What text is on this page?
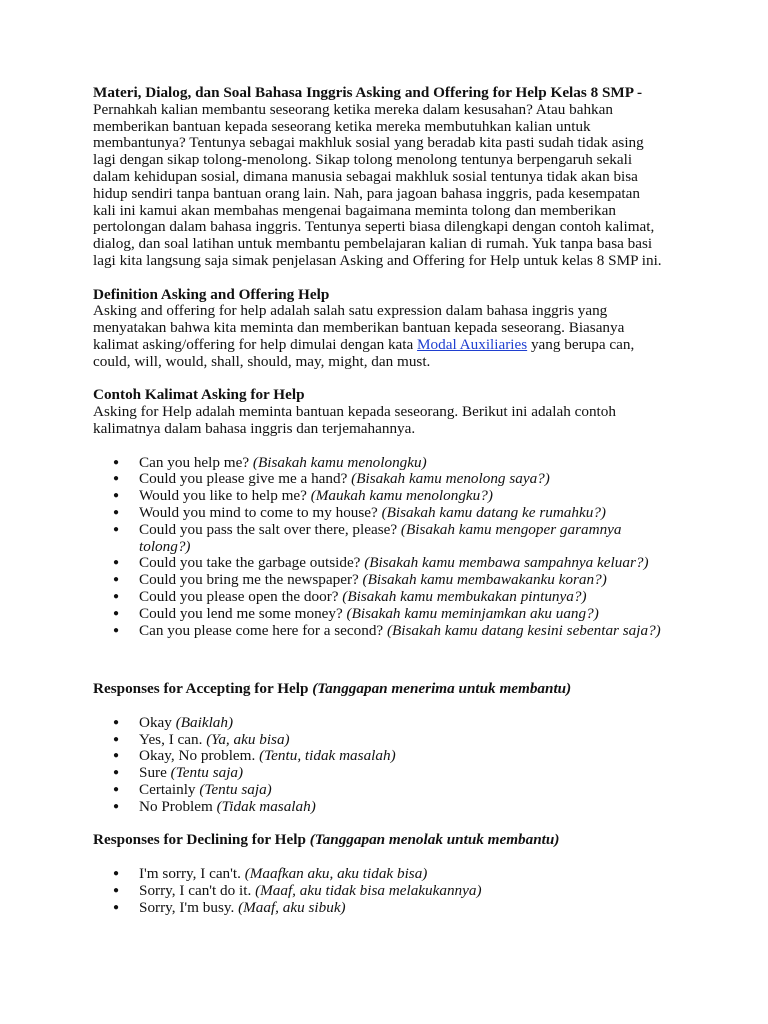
Materi, Dialog, dan Soal Bahasa Inggris Asking and Offering for Help Kelas 8 SMP -

Pernahkah kalian membantu seseorang ketika mereka dalam kesusahan? Atau bahkan

memberikan bantuan kepada seseorang ketika mereka membutuhkan kalian untuk

membantunya? Tentunya sebagai makhluk sosial yang beradab kita pasti sudah tidak asing

lagi dengan sikap tolong-menolong. Sikap tolong menolong tentunya berpengaruh sekali

dalam kehidupan sosial, dimana manusia sebagai makhluk sosial tentunya tidak akan bisa

hidup sendiri tanpa bantuan orang lain. Nah, para jagoan bahasa inggris, pada kesempatan

kali ini kamui akan membahas mengenai bagaimana meminta tolong dan memberikan

pertolongan dalam bahasa inggris. Tentunya seperti biasa dilengkapi dengan contoh kalimat,

dialog, dan soal latihan untuk membantu pembelajaran kalian di rumah. Yuk tanpa basa basi

lagi kita langsung saja simak penjelasan Asking and Offering for Help untuk kelas 8 SMP ini.

Definition Asking and Offering Help

Asking and offering for help adalah salah satu expression dalam bahasa inggris yang

menyatakan bahwa kita meminta dan memberikan bantuan kepada seseorang. Biasanya

kalimat asking/offering for help dimulai dengan kata Modal Auxiliaries yang berupa can,

could, will, would, shall, should, may, might, dan must.

Contoh Kalimat Asking for Help

Asking for Help adalah meminta bantuan kepada seseorang. Berikut ini adalah contoh

kalimatnya dalam bahasa inggris dan terjemahannya.

● Can you help me? (Bisakah kamu menolongku)
● Could you please give me a hand? (Bisakah kamu menolong saya?)
● Would you like to help me? (Maukah kamu menolongku?)
● Would you mind to come to my house? (Bisakah kamu datang ke rumahku?)
● Could you pass the salt over there, please? (Bisakah kamu mengoper garamnya
tolong?)
● Could you take the garbage outside? (Bisakah kamu membawa sampahnya keluar?)
● Could you bring me the newspaper? (Bisakah kamu membawakanku koran?)
● Could you please open the door? (Bisakah kamu membukakan pintunya?)
● Could you lend me some money? (Bisakah kamu meminjamkan aku uang?)
● Can you please come here for a second? (Bisakah kamu datang kesini sebentar saja?)

Responses for Accepting for Help (Tanggapan menerima untuk membantu)

● Okay (Baiklah)
● Yes, I can. (Ya, aku bisa)
● Okay, No problem. (Tentu, tidak masalah)
● Sure (Tentu saja)
● Certainly (Tentu saja)
● No Problem (Tidak masalah)

Responses for Declining for Help (Tanggapan menolak untuk membantu)

● I'm sorry, I can't. (Maafkan aku, aku tidak bisa)
● Sorry, I can't do it. (Maaf, aku tidak bisa melakukannya)
● Sorry, I'm busy. (Maaf, aku sibuk)
